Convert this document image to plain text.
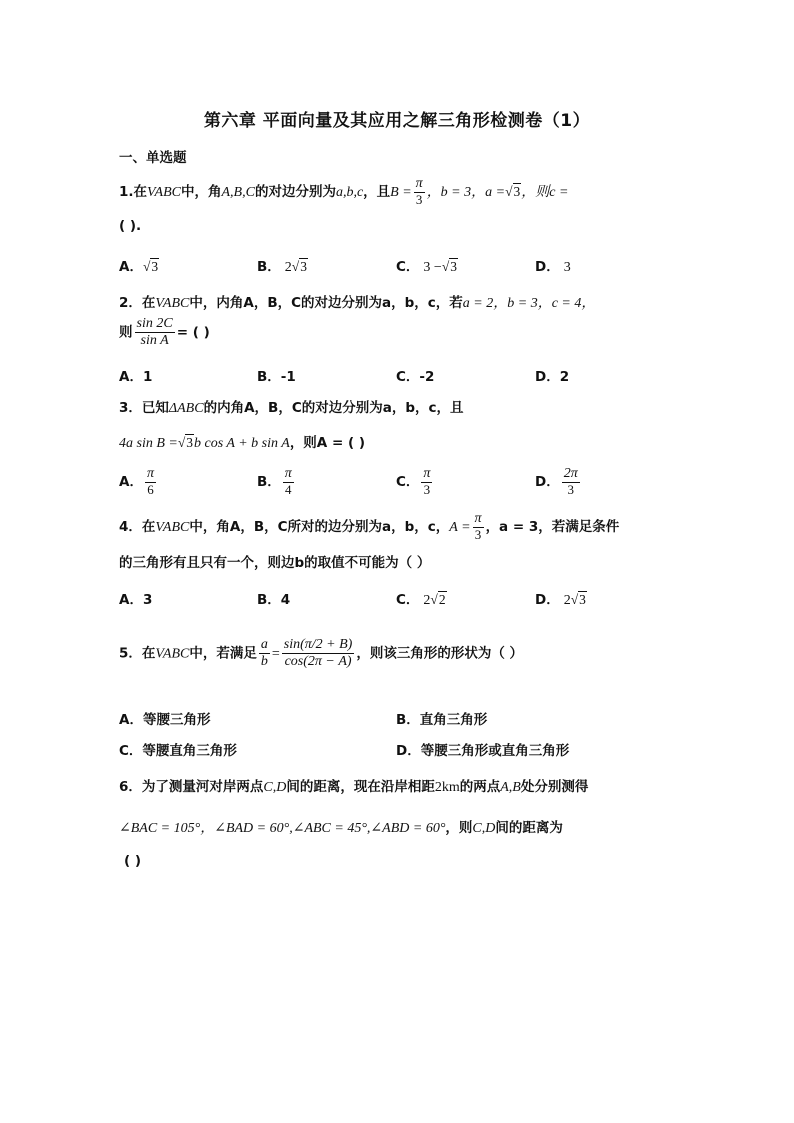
第六章 平面向量及其应用之解三角形检测卷（1）
一、单选题
1.在VABC中，角A,B,C的对边分别为a,b,c，且$B = \frac{\pi}{3}$ ，b = 3，a =√3，则c =
( ).
A．√3	B． 2√3	C． 3 −√3	D． 3
2．在VABC中，内角A，B，C的对边分别为a，b，c，若a = 2，b = 3，c = 4，
则 $\frac{\sin 2C}{\text{sin A}}$ = ( )
A．1	B．-1	C．-2	D．2
3．已知ΔABC的内角A，B，C的对边分别为a，b，c，且
4a sin B =√3b cos A + b sin A，则A = ( )
A． $\frac{\pi}{6}$	B． $\frac{\pi}{4}$	C． $\frac{\pi}{3}$	D． $\frac{2\pi}{3}$
4．在VABC中，角A，B，C所对的边分别为a，b，c，$A = \frac{\pi}{3}$ ，a = 3，若满足条件
的三角形有且只有一个，则边b的取值不可能为（ ）
A．3	B．4	C． 2√2	D． 2√3
5．在VABC中，若满足 $\frac{a}{b} = \frac{\sin(\pi/2 + B)}{\cos(2\pi - A)}$ ，则该三角形的形状为（ ）
A．等腰三角形	B．直角三角形
C．等腰直角三角形	D．等腰三角形或直角三角形
6．为了测量河对岸两点C,D间的距离，现在沿岸相距2km的两点A,B处分别测得
∠BAC = 105°，∠BAD = 60°,∠ABC = 45°,∠ABD = 60°，则C,D间的距离为
( )
